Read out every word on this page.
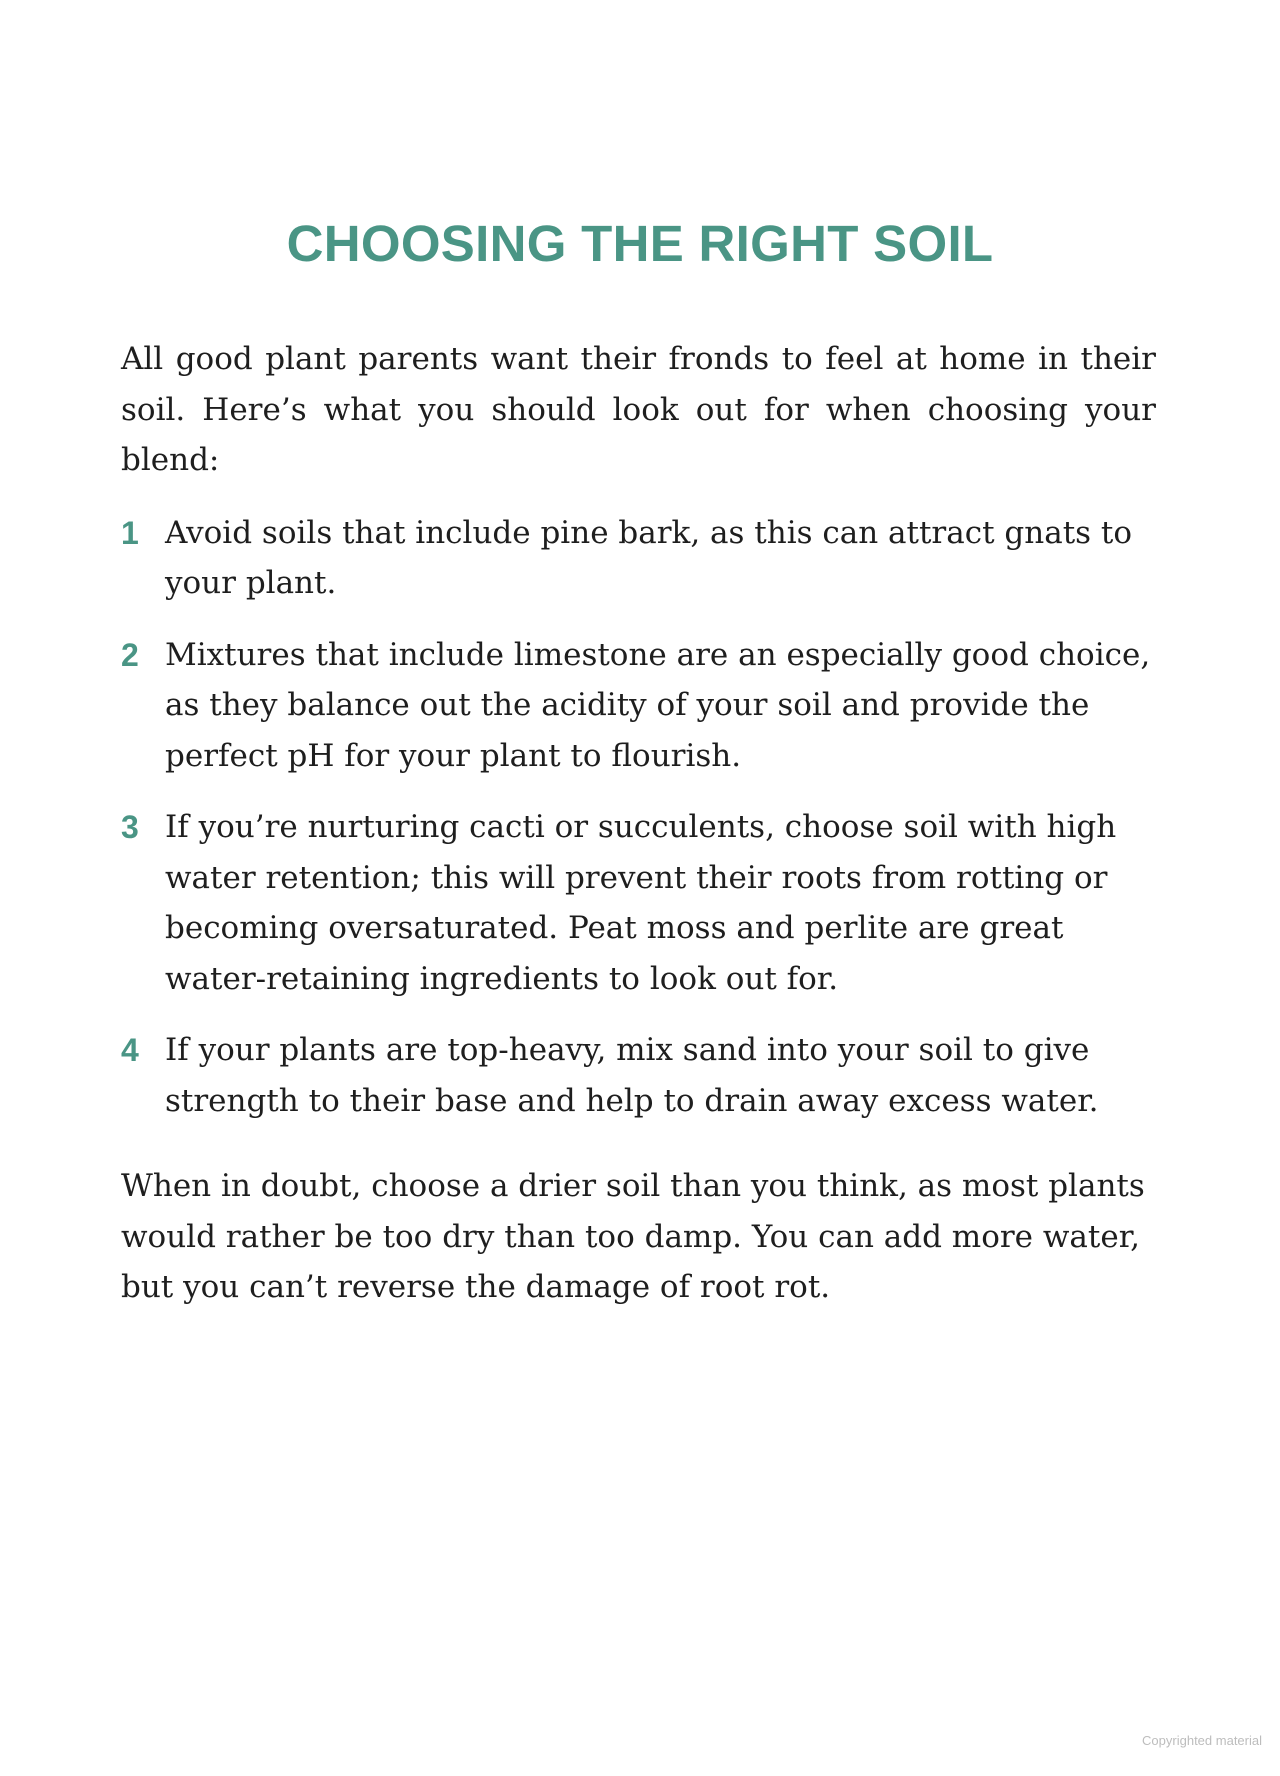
CHOOSING THE RIGHT SOIL

All good plant parents want their fronds to feel at home in their soil. Here’s what you should look out for when choosing your blend:

1 Avoid soils that include pine bark, as this can attract gnats to your plant.
2 Mixtures that include limestone are an especially good choice, as they balance out the acidity of your soil and provide the perfect pH for your plant to flourish.
3 If you’re nurturing cacti or succulents, choose soil with high water retention; this will prevent their roots from rotting or becoming oversaturated. Peat moss and perlite are great water-retaining ingredients to look out for.
4 If your plants are top-heavy, mix sand into your soil to give strength to their base and help to drain away excess water.

When in doubt, choose a drier soil than you think, as most plants would rather be too dry than too damp. You can add more water, but you can’t reverse the damage of root rot.

Copyrighted material
